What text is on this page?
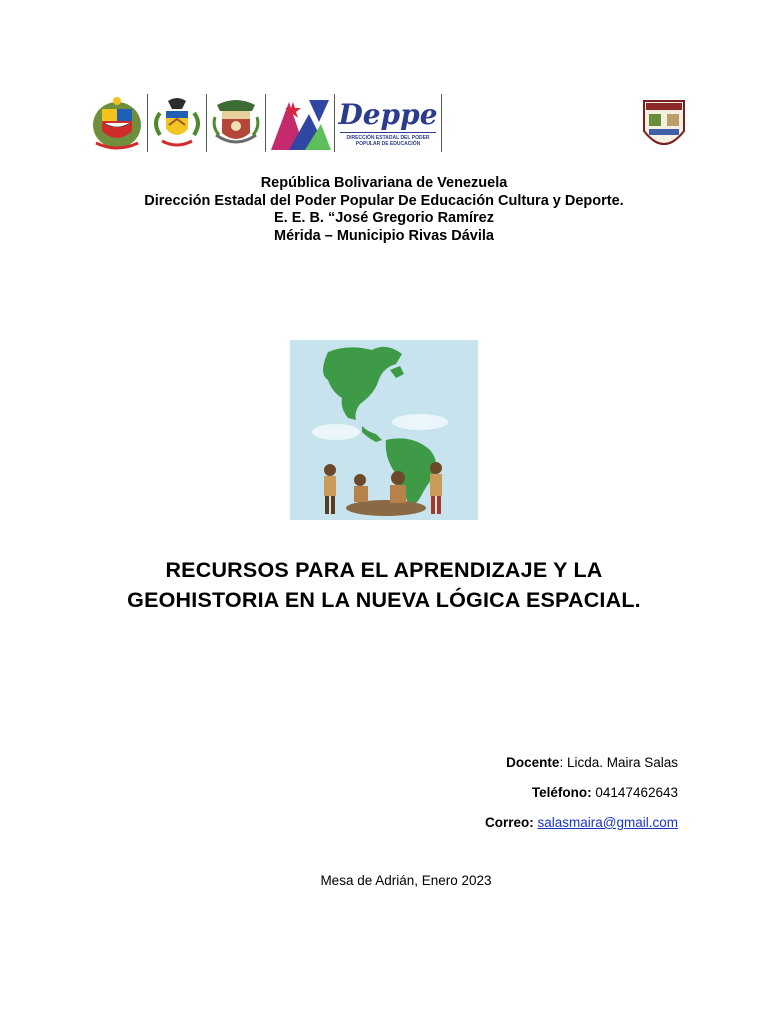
Deppe
DIRECCIÓN ESTADAL DEL PODER
POPULAR DE EDUCACIÓN
República Bolivariana de Venezuela
Dirección Estadal del Poder Popular De Educación Cultura y Deporte.
E. E. B. “José Gregorio Ramírez
Mérida – Municipio Rivas Dávila
RECURSOS PARA EL APRENDIZAJE Y LA
GEOHISTORIA EN LA NUEVA LÓGICA ESPACIAL.
Docente: Licda. Maira Salas
Teléfono: 04147462643
Correo: salasmaira@gmail.com
Mesa de Adrián, Enero 2023
